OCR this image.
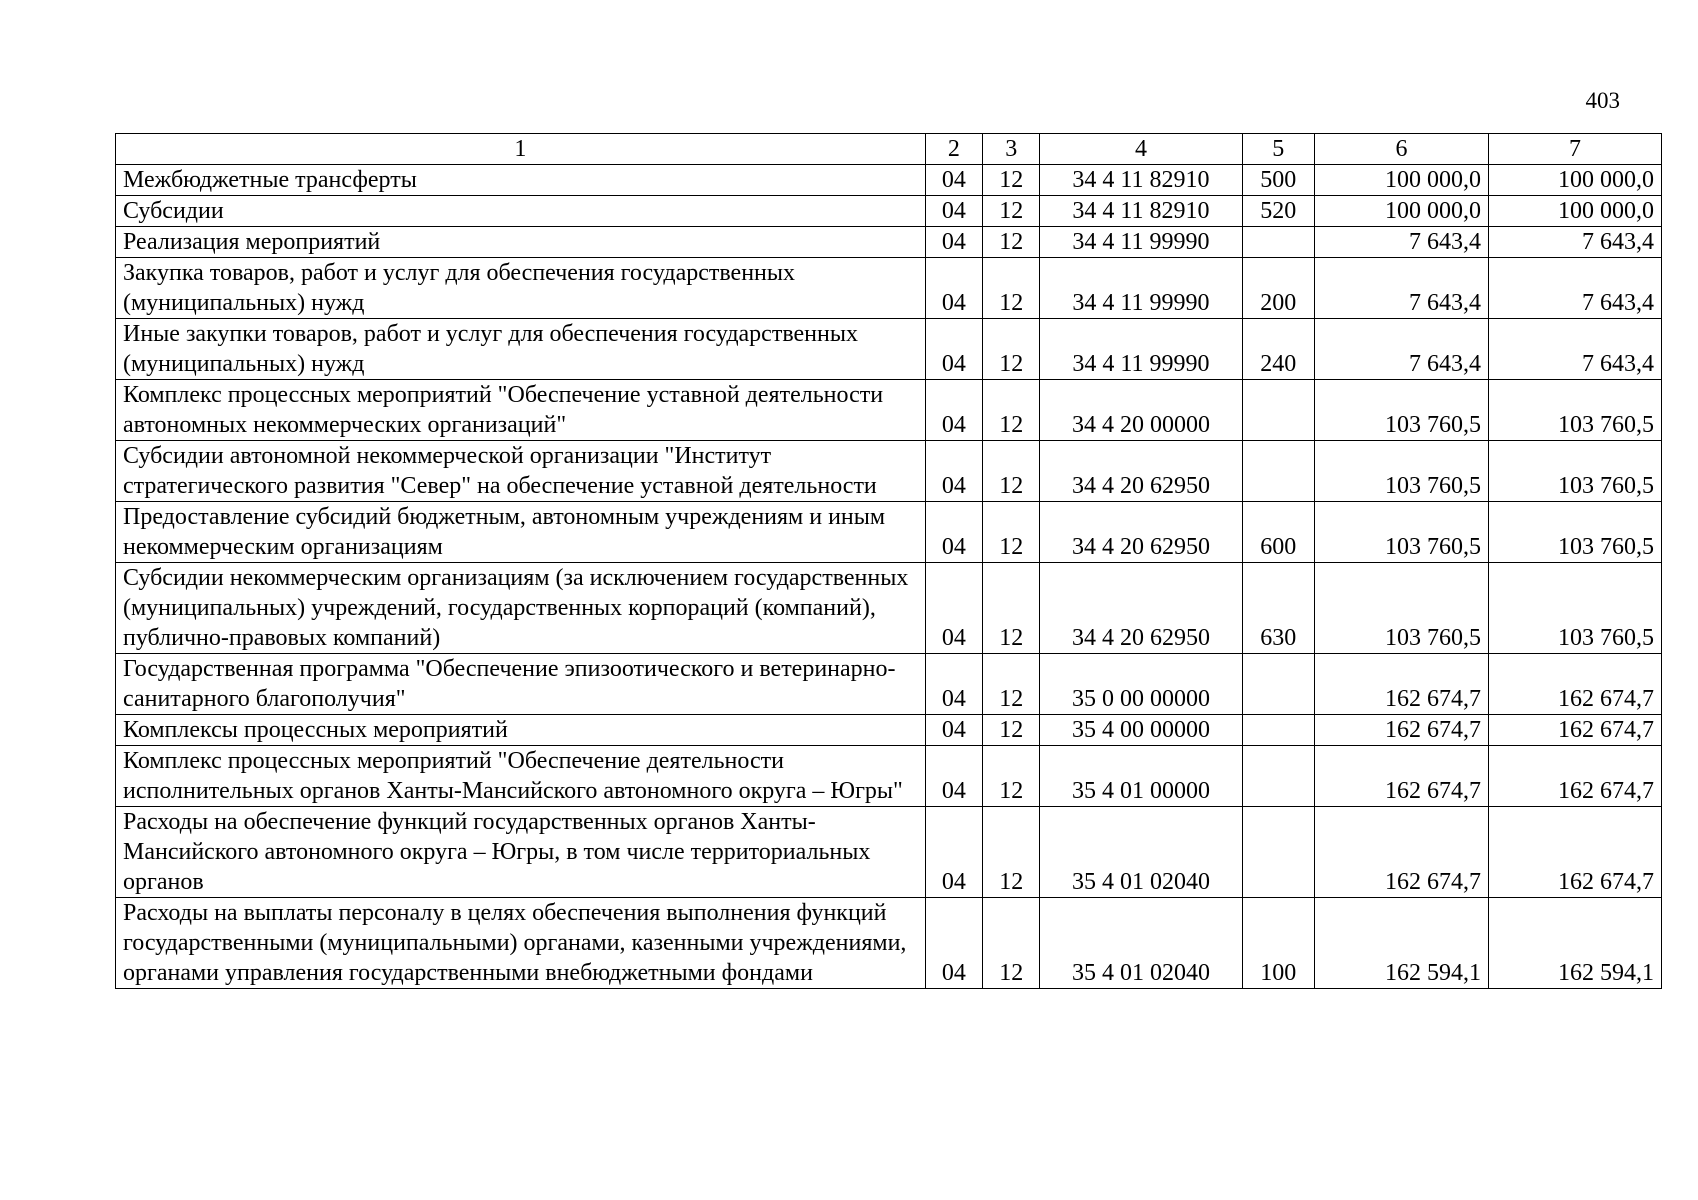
403
1	2	3	4	5	6	7
Межбюджетные трансферты	04	12	34 4 11 82910	500	100 000,0	100 000,0
Субсидии	04	12	34 4 11 82910	520	100 000,0	100 000,0
Реализация мероприятий	04	12	34 4 11 99990		7 643,4	7 643,4
Закупка товаров, работ и услуг для обеспечения государственных (муниципальных) нужд	04	12	34 4 11 99990	200	7 643,4	7 643,4
Иные закупки товаров, работ и услуг для обеспечения государственных (муниципальных) нужд	04	12	34 4 11 99990	240	7 643,4	7 643,4
Комплекс процессных мероприятий "Обеспечение уставной деятельности автономных некоммерческих организаций"	04	12	34 4 20 00000		103 760,5	103 760,5
Субсидии автономной некоммерческой организации "Институт стратегического развития "Север" на обеспечение уставной деятельности	04	12	34 4 20 62950		103 760,5	103 760,5
Предоставление субсидий бюджетным, автономным учреждениям и иным некоммерческим организациям	04	12	34 4 20 62950	600	103 760,5	103 760,5
Субсидии некоммерческим организациям (за исключением государственных (муниципальных) учреждений, государственных корпораций (компаний), публично-правовых компаний)	04	12	34 4 20 62950	630	103 760,5	103 760,5
Государственная программа "Обеспечение эпизоотического и ветеринарно-санитарного благополучия"	04	12	35 0 00 00000		162 674,7	162 674,7
Комплексы процессных мероприятий	04	12	35 4 00 00000		162 674,7	162 674,7
Комплекс процессных мероприятий "Обеспечение деятельности исполнительных органов Ханты-Мансийского автономного округа – Югры"	04	12	35 4 01 00000		162 674,7	162 674,7
Расходы на обеспечение функций государственных органов Ханты-Мансийского автономного округа – Югры, в том числе территориальных органов	04	12	35 4 01 02040		162 674,7	162 674,7
Расходы на выплаты персоналу в целях обеспечения выполнения функций государственными (муниципальными) органами, казенными учреждениями, органами управления государственными внебюджетными фондами	04	12	35 4 01 02040	100	162 594,1	162 594,1
